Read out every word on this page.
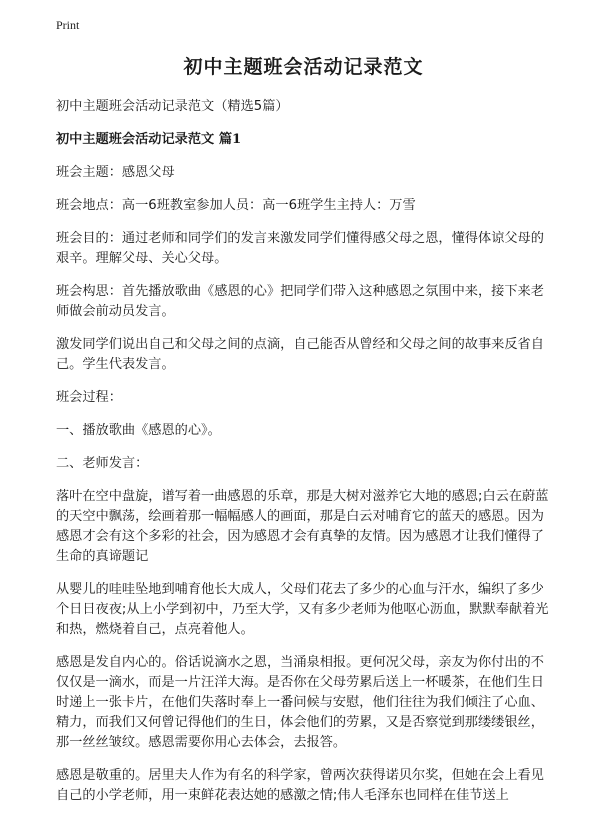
Print
初中主题班会活动记录范文

初中主题班会活动记录范文（精选5篇）

初中主题班会活动记录范文 篇1

班会主题：感恩父母

班会地点：高一6班教室参加人员：高一6班学生主持人：万雪

班会目的：通过老师和同学们的发言来激发同学们懂得感父母之恩，懂得体谅父母的艰辛。理解父母、关心父母。

班会构思：首先播放歌曲《感恩的心》把同学们带入这种感恩之氛围中来，接下来老师做会前动员发言。

激发同学们说出自己和父母之间的点滴，自己能否从曾经和父母之间的故事来反省自己。学生代表发言。

班会过程：

一、播放歌曲《感恩的心》。

二、老师发言：

落叶在空中盘旋，谱写着一曲感恩的乐章，那是大树对滋养它大地的感恩;白云在蔚蓝的天空中飘荡，绘画着那一幅幅感人的画面，那是白云对哺育它的蓝天的感恩。因为感恩才会有这个多彩的社会，因为感恩才会有真挚的友情。因为感恩才让我们懂得了生命的真谛题记

从婴儿的哇哇坠地到哺育他长大成人，父母们花去了多少的心血与汗水，编织了多少个日日夜夜;从上小学到初中，乃至大学，又有多少老师为他呕心沥血，默默奉献着光和热，燃烧着自己，点亮着他人。

感恩是发自内心的。俗话说滴水之恩，当涌泉相报。更何况父母，亲友为你付出的不仅仅是一滴水，而是一片汪洋大海。是否你在父母劳累后送上一杯暖茶，在他们生日时递上一张卡片，在他们失落时奉上一番问候与安慰，他们往往为我们倾注了心血、精力，而我们又何曾记得他们的生日，体会他们的劳累，又是否察觉到那缕缕银丝，那一丝丝皱纹。感恩需要你用心去体会，去报答。

感恩是敬重的。居里夫人作为有名的科学家，曾两次获得诺贝尔奖，但她在会上看见自己的小学老师，用一束鲜花表达她的感激之情;伟人毛泽东也同样在佳节送上
